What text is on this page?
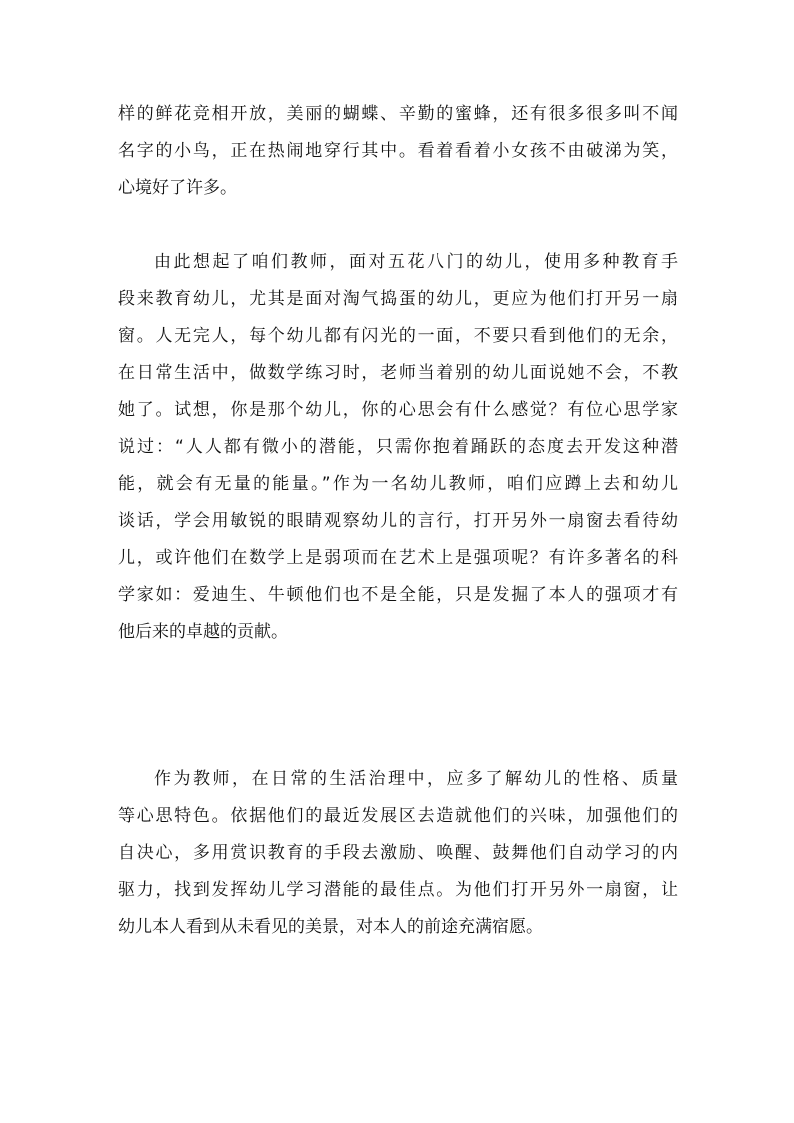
样的鲜花竞相开放，美丽的蝴蝶、辛勤的蜜蜂，还有很多很多叫不闻
名字的小鸟，正在热闹地穿行其中。看着看着小女孩不由破涕为笑，
心境好了许多。

由此想起了咱们教师，面对五花八门的幼儿，使用多种教育手
段来教育幼儿，尤其是面对淘气捣蛋的幼儿，更应为他们打开另一扇
窗。人无完人，每个幼儿都有闪光的一面，不要只看到他们的无余，
在日常生活中，做数学练习时，老师当着别的幼儿面说她不会，不教
她了。试想，你是那个幼儿，你的心思会有什么感觉？有位心思学家
说过：“人人都有微小的潜能，只需你抱着踊跃的态度去开发这种潜
能，就会有无量的能量。”作为一名幼儿教师，咱们应蹲上去和幼儿
谈话，学会用敏锐的眼睛观察幼儿的言行，打开另外一扇窗去看待幼
儿，或许他们在数学上是弱项而在艺术上是强项呢？有许多著名的科
学家如：爱迪生、牛顿他们也不是全能，只是发掘了本人的强项才有
他后来的卓越的贡献。

作为教师，在日常的生活治理中，应多了解幼儿的性格、质量
等心思特色。依据他们的最近发展区去造就他们的兴味，加强他们的
自决心，多用赏识教育的手段去激励、唤醒、鼓舞他们自动学习的内
驱力，找到发挥幼儿学习潜能的最佳点。为他们打开另外一扇窗，让
幼儿本人看到从未看见的美景，对本人的前途充满宿愿。
